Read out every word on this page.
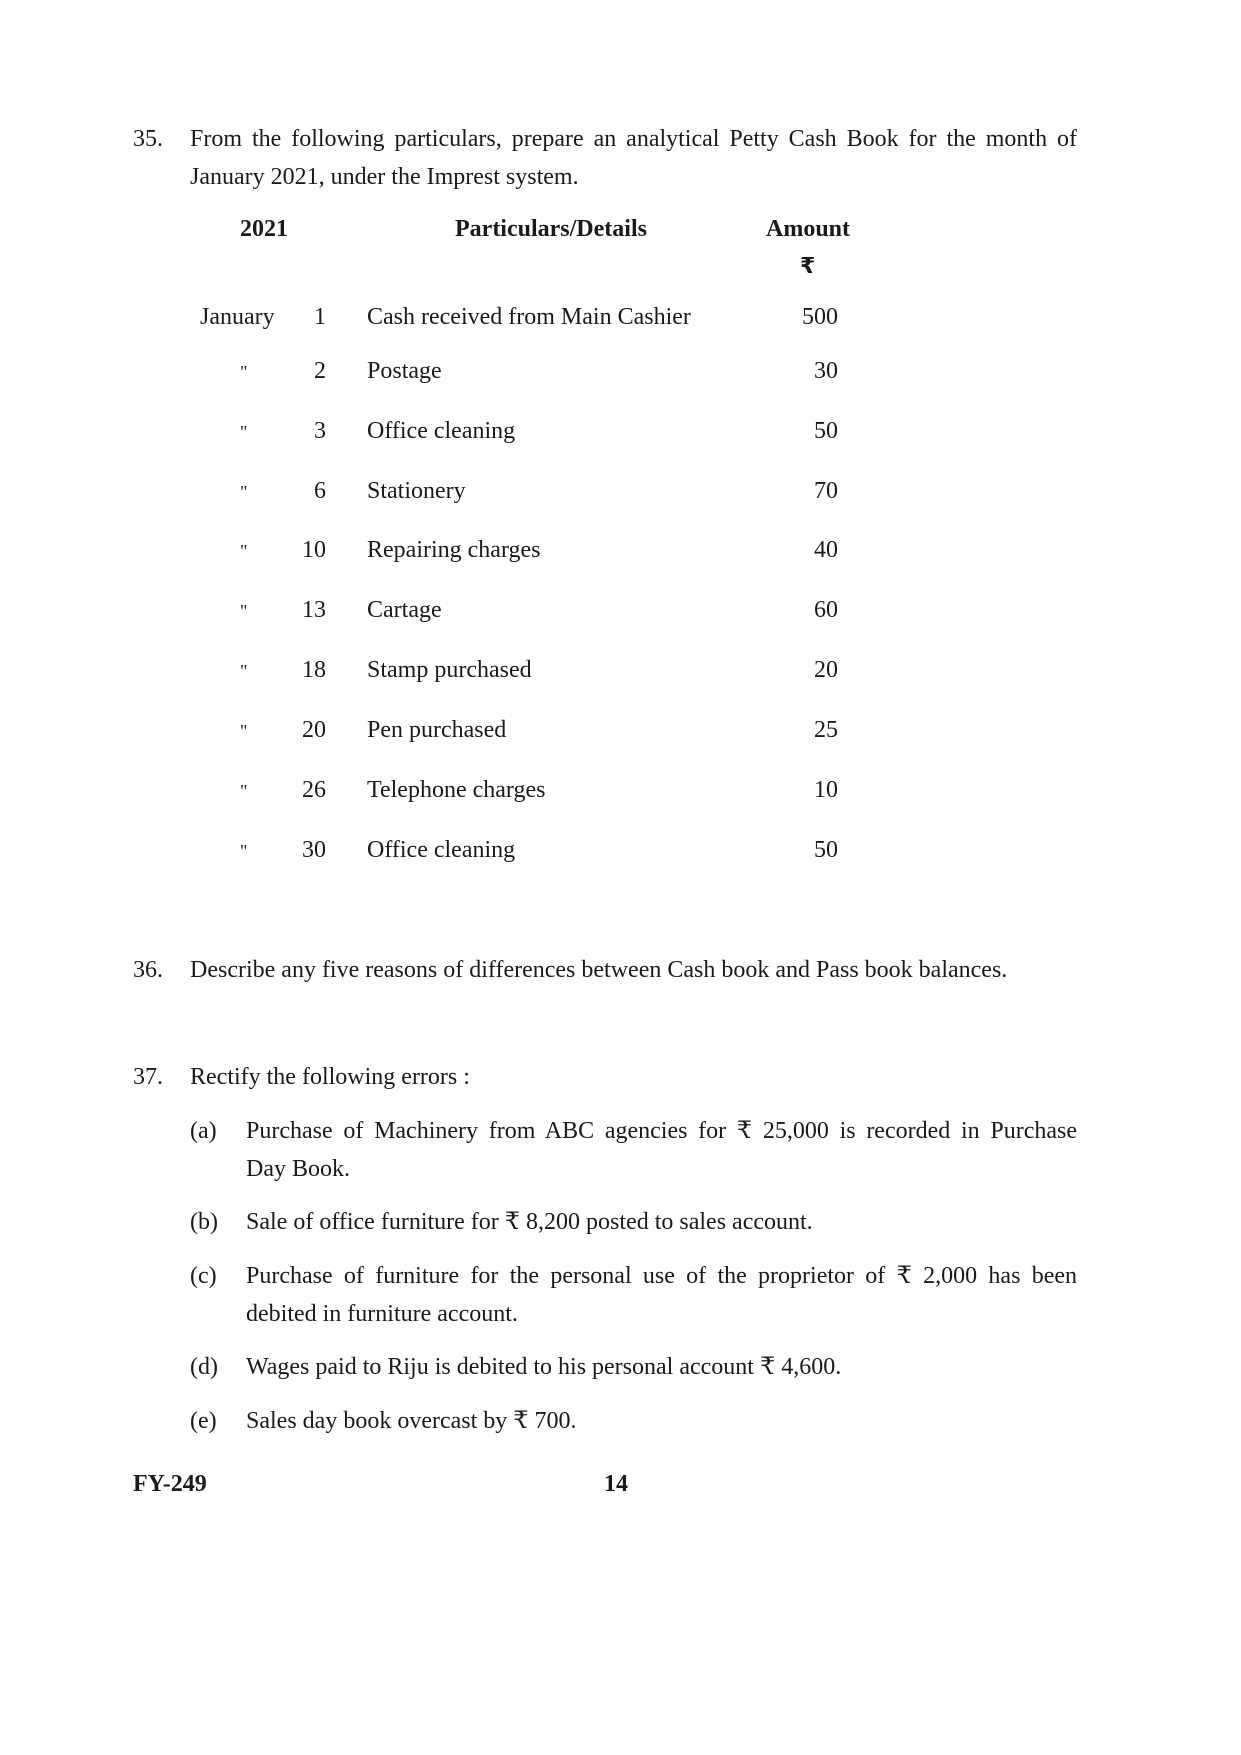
35. From the following particulars, prepare an analytical Petty Cash Book for the month of
January 2021, under the Imprest system.
2021	Particulars/Details	Amount
₹
January	1 Cash received from Main Cashier	500
"	2 Postage	30
"	3 Office cleaning	50
"	6 Stationery	70
"	10 Repairing charges	40
"	13 Cartage	60
"	18 Stamp purchased	20
"	20 Pen purchased	25
"	26 Telephone charges	10
"	30 Office cleaning	50
36. Describe any five reasons of differences between Cash book and Pass book balances.
37. Rectify the following errors :
(a) Purchase of Machinery from ABC agencies for ₹ 25,000 is recorded in Purchase
Day Book.
(b) Sale of office furniture for ₹ 8,200 posted to sales account.
(c) Purchase of furniture for the personal use of the proprietor of ₹ 2,000 has been
debited in furniture account.
(d) Wages paid to Riju is debited to his personal account ₹ 4,600.
(e) Sales day book overcast by ₹ 700.
FY-249	14
